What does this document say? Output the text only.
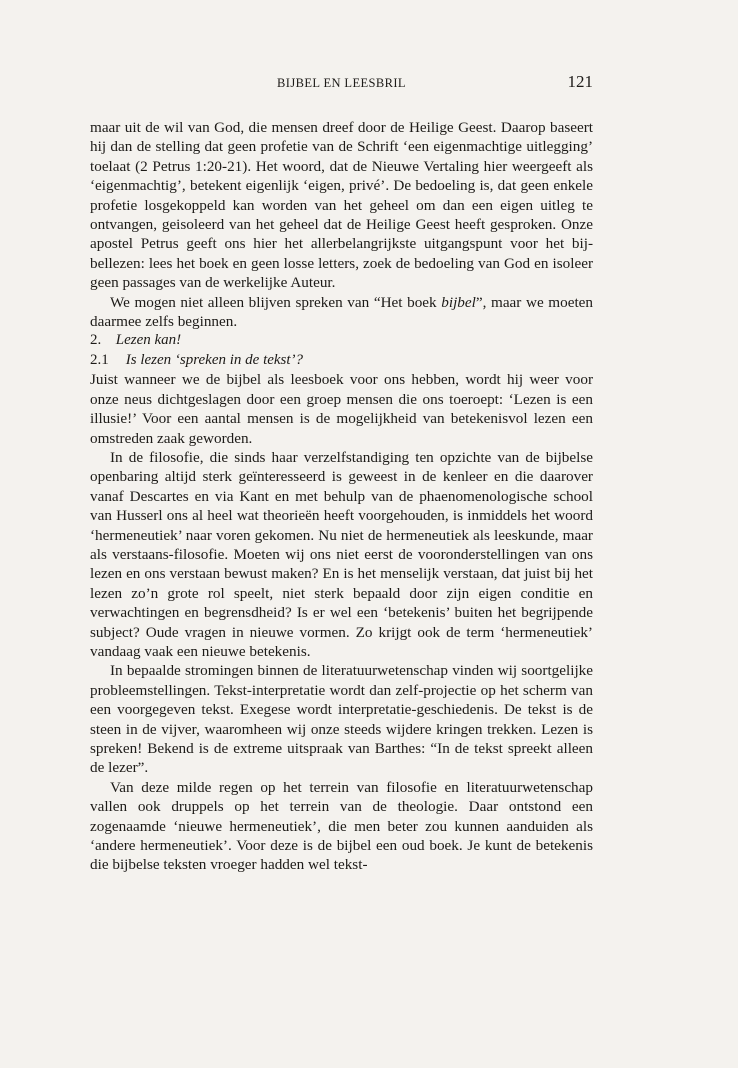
BIJBEL EN LEESBRIL	121

maar uit de wil van God, die mensen dreef door de Heilige Geest. Daarop baseert hij dan de stelling dat geen profetie van de Schrift ‘een eigenmachtige uitlegging’ toelaat (2 Petrus 1:20-21). Het woord, dat de Nieuwe Vertaling hier weergeeft als ‘eigenmachtig’, betekent eigenlijk ‘eigen, privé’. De bedoeling is, dat geen enkele profetie losgekoppeld kan worden van het geheel om dan een eigen uitleg te ontvangen, geisoleerd van het geheel dat de Heilige Geest heeft gesproken. Onze apostel Petrus geeft ons hier het allerbelangrijkste uitgangspunt voor het bijbellezen: lees het boek en geen losse letters, zoek de bedoeling van God en isoleer geen passages van de werkelijke Auteur.

We mogen niet alleen blijven spreken van “Het boek bijbel”, maar we moeten daarmee zelfs beginnen.

2. Lezen kan!

2.1 Is lezen ‘spreken in de tekst’?

Juist wanneer we de bijbel als leesboek voor ons hebben, wordt hij weer voor onze neus dichtgeslagen door een groep mensen die ons toeroept: ‘Lezen is een illusie!’ Voor een aantal mensen is de mogelijkheid van betekenisvol lezen een omstreden zaak geworden.

In de filosofie, die sinds haar verzelfstandiging ten opzichte van de bijbelse openbaring altijd sterk geïnteresseerd is geweest in de kenleer en die daarover vanaf Descartes en via Kant en met behulp van de phaenomenologische school van Husserl ons al heel wat theorieën heeft voorgehouden, is inmiddels het woord ‘hermeneutiek’ naar voren gekomen. Nu niet de hermeneutiek als leeskunde, maar als verstaans-filosofie. Moeten wij ons niet eerst de vooronderstellingen van ons lezen en ons verstaan bewust maken? En is het menselijk verstaan, dat juist bij het lezen zo’n grote rol speelt, niet sterk bepaald door zijn eigen conditie en verwachtingen en begrensdheid? Is er wel een ‘betekenis’ buiten het begrijpende subject? Oude vragen in nieuwe vormen. Zo krijgt ook de term ‘hermeneutiek’ vandaag vaak een nieuwe betekenis.

In bepaalde stromingen binnen de literatuurwetenschap vinden wij soortgelijke probleemstellingen. Tekst-interpretatie wordt dan zelf-projectie op het scherm van een voorgegeven tekst. Exegese wordt interpretatie-geschiedenis. De tekst is de steen in de vijver, waaromheen wij onze steeds wijdere kringen trekken. Lezen is spreken! Bekend is de extreme uitspraak van Barthes: “In de tekst spreekt alleen de lezer”.

Van deze milde regen op het terrein van filosofie en literatuurwetenschap vallen ook druppels op het terrein van de theologie. Daar ontstond een zogenaamde ‘nieuwe hermeneutiek’, die men beter zou kunnen aanduiden als ‘andere hermeneutiek’. Voor deze is de bijbel een oud boek. Je kunt de betekenis die bijbelse teksten vroeger hadden wel tekst-
